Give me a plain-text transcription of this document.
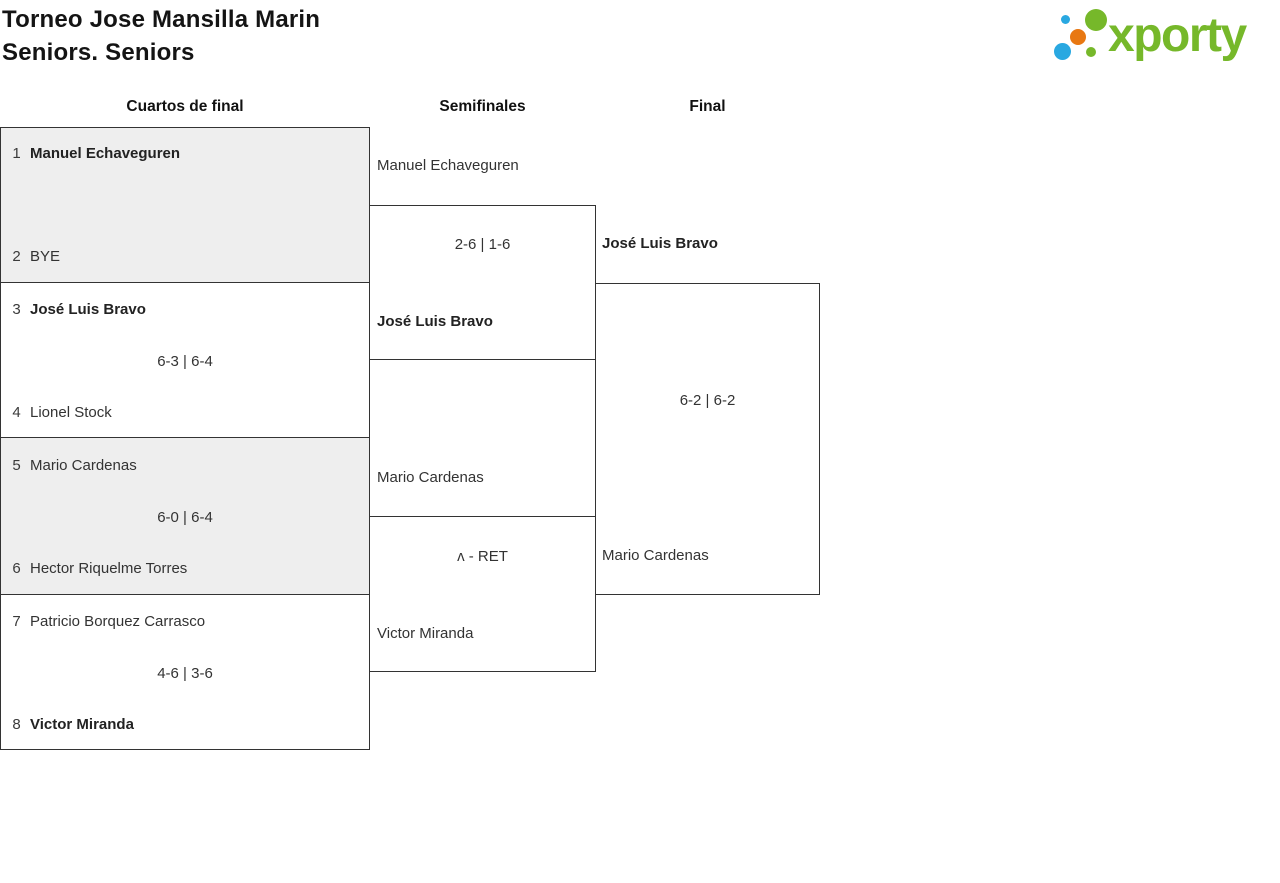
Torneo Jose Mansilla Marin
Seniors. Seniors	xporty
Cuartos de final	Semifinales	Final
1 Manuel Echaveguren
2 BYE
3 José Luis Bravo
6-3 | 6-4
4 Lionel Stock
5 Mario Cardenas
6-0 | 6-4
6 Hector Riquelme Torres
7 Patricio Borquez Carrasco
4-6 | 3-6
8 Victor Miranda
Manuel Echaveguren
2-6 | 1-6
José Luis Bravo
Mario Cardenas
ʌ - RET
Victor Miranda
José Luis Bravo
6-2 | 6-2
Mario Cardenas
